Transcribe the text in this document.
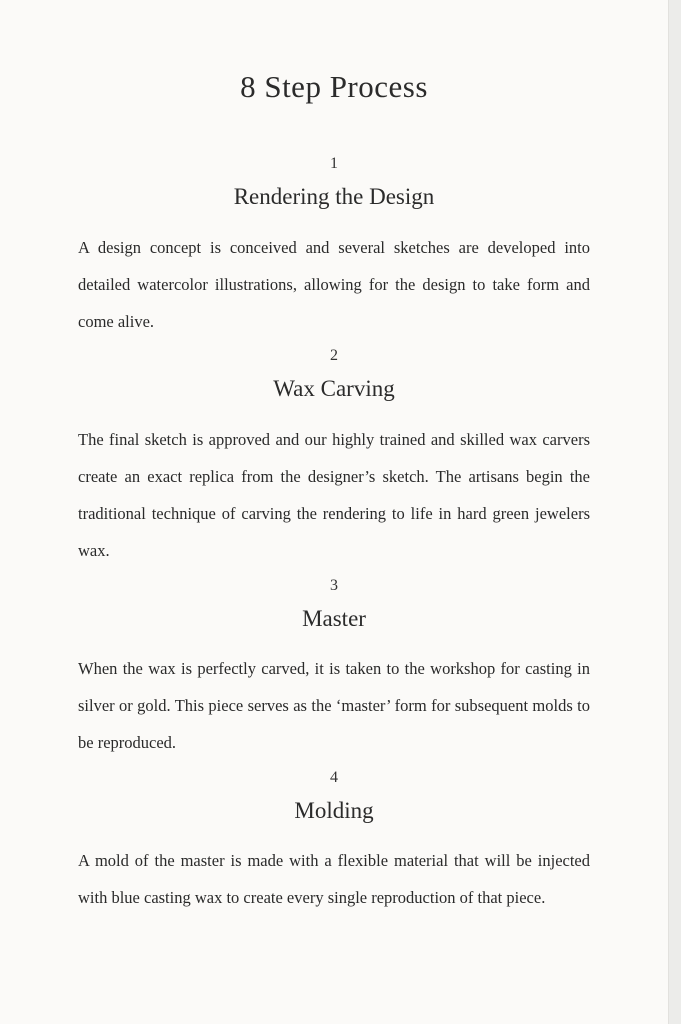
8 Step Process
1
Rendering the Design

A design concept is conceived and several sketches are developed into detailed watercolor illustrations, allowing for the design to take form and come alive.

2
Wax Carving

The final sketch is approved and our highly trained and skilled wax carvers create an exact replica from the designer’s sketch. The artisans begin the traditional technique of carving the rendering to life in hard green jewelers wax.

3
Master

When the wax is perfectly carved, it is taken to the workshop for casting in silver or gold. This piece serves as the ‘master’ form for subsequent molds to be reproduced.

4
Molding

A mold of the master is made with a flexible material that will be injected with blue casting wax to create every single reproduction of that piece.
